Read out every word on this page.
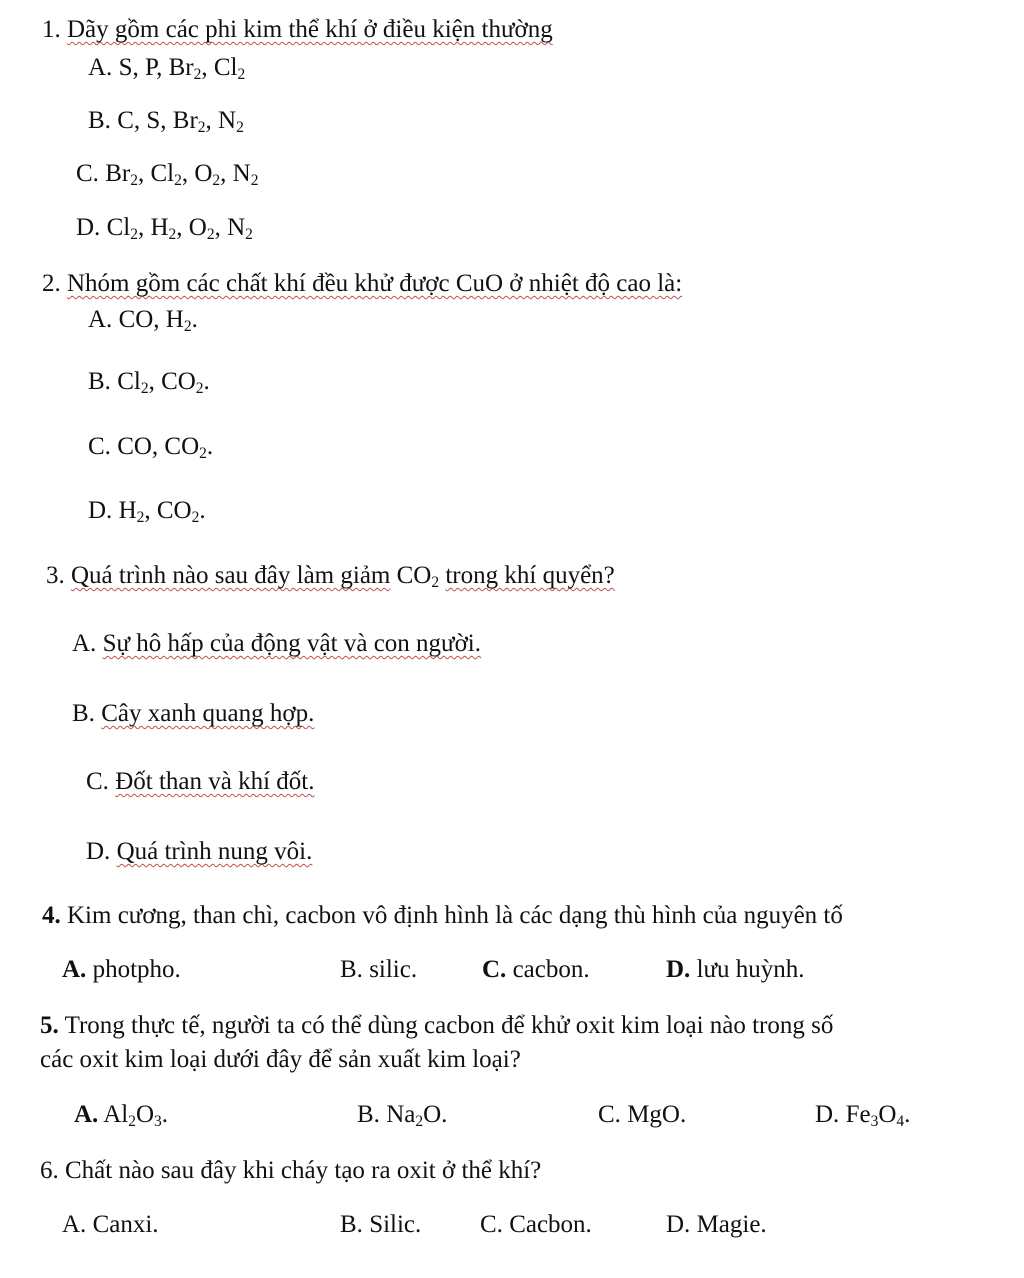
1. Dãy gồm các phi kim thể khí ở điều kiện thường
A. S, P, $Br_2$, $Cl_2$
B. C, S, $Br_2$, $N_2$
C. $Br_2$, $Cl_2$, $O_2$, $N_2$
D. $Cl_2$, $H_2$, $O_2$, $N_2$
2. Nhóm gồm các chất khí đều khử được CuO ở nhiệt độ cao là:
A. CO, $H_2$.
B. $Cl_2$, $CO_2$.
C. CO, $CO_2$.
D. $H_2$, $CO_2$.
3. Quá trình nào sau đây làm giảm $CO_2$ trong khí quyển?
A. Sự hô hấp của động vật và con người.
B. Cây xanh quang hợp.
C. Đốt than và khí đốt.
D. Quá trình nung vôi.
4. Kim cương, than chì, cacbon vô định hình là các dạng thù hình của nguyên tố
A. photpho.	B. silic.	C. cacbon.	D. lưu huỳnh.
5. Trong thực tế, người ta có thể dùng cacbon để khử oxit kim loại nào trong số
các oxit kim loại dưới đây để sản xuất kim loại?
A. $Al_2O_3$.	B. $Na_2O$.	C. MgO.	D. $Fe_3O_4$.
6. Chất nào sau đây khi cháy tạo ra oxit ở thể khí?
A. Canxi.	B. Silic. C. Cacbon.	D. Magie.
